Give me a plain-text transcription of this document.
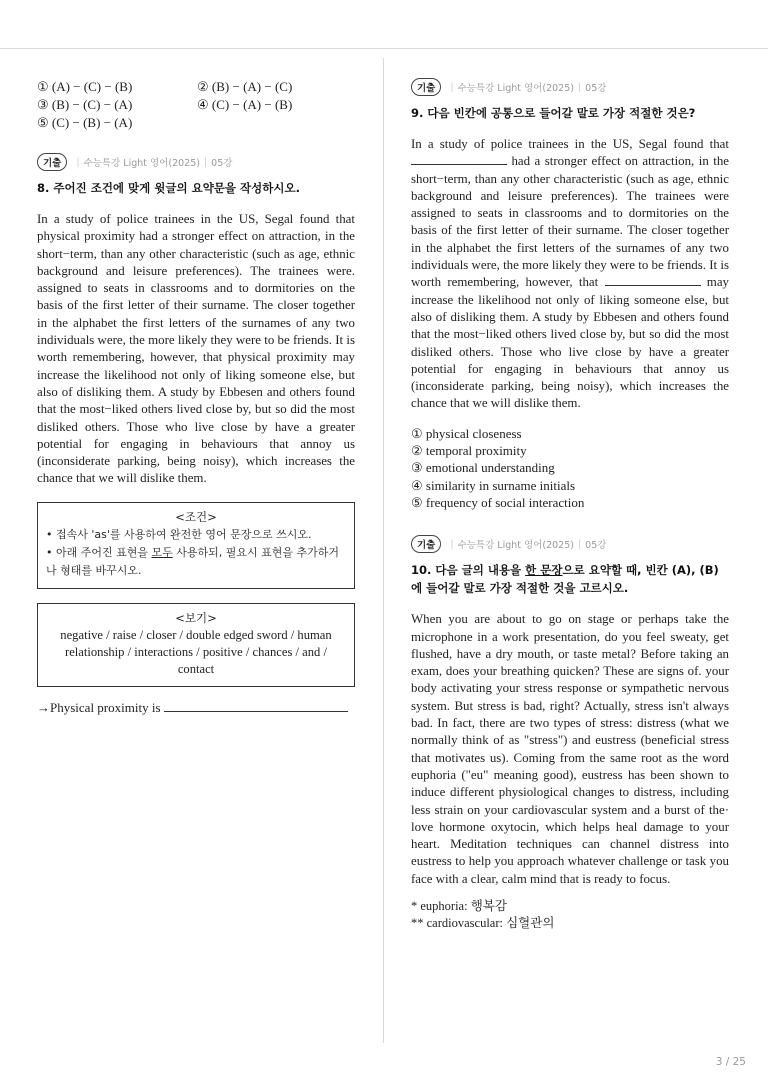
① (A) − (C) − (B)	② (B) − (A) − (C)
③ (B) − (C) − (A)	④ (C) − (A) − (B)
⑤ (C) − (B) − (A)
기출	| 수능특강 Light 영어(2025) | 05강
8. 주어진 조건에 맞게 윗글의 요약문을 작성하시오.

In a study of police trainees in the US, Segal found that physical proximity had a stronger effect on attraction, in the short−term, than any other characteristic (such as age, ethnic background and leisure preferences). The trainees were. assigned to seats in classrooms and to dormitories on the basis of the first letter of their surname. The closer together in the alphabet the first letters of the surnames of any two individuals were, the more likely they were to be friends. It is worth remembering, however, that physical proximity may increase the likelihood not only of liking someone else, but also of disliking them. A study by Ebbesen and others found that the most−liked others lived close by, but so did the most disliked others. Those who live close by have a greater potential for engaging in behaviours that annoy us (inconsiderate parking, being noisy), which increases the chance that we will dislike them.

<조건>
• 접속사 'as'를 사용하여 완전한 영어 문장으로 쓰시오.
• 아래 주어진 표현을 모두 사용하되, 필요시 표현을 추가하거나 형태를 바꾸시오.
<보기>
negative / raise / closer / double edged sword / human relationship / interactions / positive / chances / and / contact
→Physical proximity is
기출	| 수능특강 Light 영어(2025) | 05강
9. 다음 빈칸에 공통으로 들어갈 말로 가장 적절한 것은?

In a study of police trainees in the US, Segal found that  had a stronger effect on attraction, in the short−term, than any other characteristic (such as age, ethnic background and leisure preferences). The trainees were assigned to seats in classrooms and to dormitories on the basis of the first letter of their surname. The closer together in the alphabet the first letters of the surnames of any two individuals were, the more likely they were to be friends. It is worth remembering, however, that	may increase the likelihood not only of liking someone else, but also of disliking them. A study by Ebbesen and others found that the most−liked others lived close by, but so did the most disliked others. Those who live close by have a greater potential for engaging in behaviours that annoy us (inconsiderate parking, being noisy), which increases the chance that we will dislike them.

① physical closeness
② temporal proximity
③ emotional understanding
④ similarity in surname initials
⑤ frequency of social interaction
기출	| 수능특강 Light 영어(2025) | 05강
10. 다음 글의 내용을 한 문장으로 요약할 때, 빈칸 (A), (B)에 들어갈 말로 가장 적절한 것을 고르시오.

When you are about to go on stage or perhaps take the microphone in a work presentation, do you feel sweaty, get flushed, have a dry mouth, or taste metal? Before taking an exam, does your breathing quicken? These are signs of. your body activating your stress response or sympathetic nervous system. But stress is bad, right? Actually, stress isn't always bad. In fact, there are two types of stress: distress (what we normally think of as "stress") and eustress (beneficial stress that motivates us). Coming from the same root as the word euphoria ("eu" meaning good), eustress has been shown to induce different physiological changes to distress, including less strain on your cardiovascular system and a burst of the· love hormone oxytocin, which helps heal damage to your heart. Meditation techniques can channel distress into eustress to help you approach whatever challenge or task you face with a clear, calm mind that is ready to focus.

* euphoria: 행복감
** cardiovascular: 심혈관의
3 / 25
